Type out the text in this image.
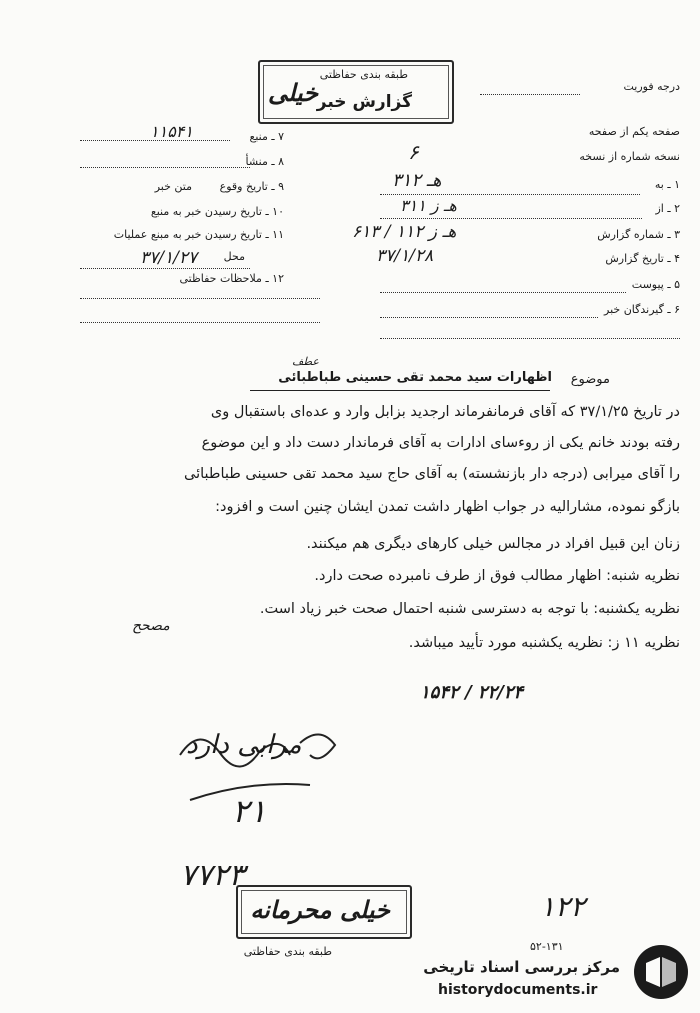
طبقه بندی حفاظتی
خیلی
گزارش خبر
درجه فوریت
صفحه یکم از صفحه
نسخه شماره از نسخه
۶
۱ ـ به
۳۱۲ هـ
۲ ـ از
۳۱۱ هـ ز
۳ ـ شماره گزارش
۶۱۳ / ۱۱۲ هـ ز
۴ ـ تاریخ گزارش
۳۷/۱/۲۸
۵ ـ پیوست
۶ ـ گیرندگان خبر
۷ ـ منبع
۱۱۵۴۱
۸ ـ منشأ
۹ ـ تاریخ وقوع
متن خبر
۱۰ ـ تاریخ رسیدن خبر به منبع
۱۱ ـ تاریخ رسیدن خبر به مبنع عملیات
محل
۳۷/۱/۲۷
۱۲ ـ ملاحظات حفاظتی
موضوع
اظهارات سید محمد تقی حسینی طباطبائی
عطف
در تاریخ ۳۷/۱/۲۵ که آقای فرمانفرماند ارجدید بزابل وارد و عده‌ای باستقبال وی
رفته بودند خانم یکی از روءسای ادارات به آقای فرماندار دست داد و این موضوع
را آقای میرابی (درجه دار بازنشسته) به آقای حاج سید محمد تقی حسینی طباطبائی
بازگو نموده، مشارالیه در جواب اظهار داشت تمدن ایشان چنین است و افزود:
زنان این قبیل افراد در مجالس خیلی کارهای دیگری هم میکنند.
نظریه شنبه: اظهار مطالب فوق از طرف نامبرده صحت دارد.
نظریه یکشنبه: با توجه به دسترسی شنبه احتمال صحت خبر زیاد است.
مصحح
نظریه ۱۱ ز: نظریه یکشنبه مورد تأیید میباشد.
۱۵۴۲ / ۲۲/۲۴
مرابی دارد
۲۱
۷۷۲۳
۱۲۲
خیلی محرمانه
طبقه بندی حفاظتی	۵۲-۱۳۱
مرکز بررسی اسناد تاریخی
historydocuments.ir
